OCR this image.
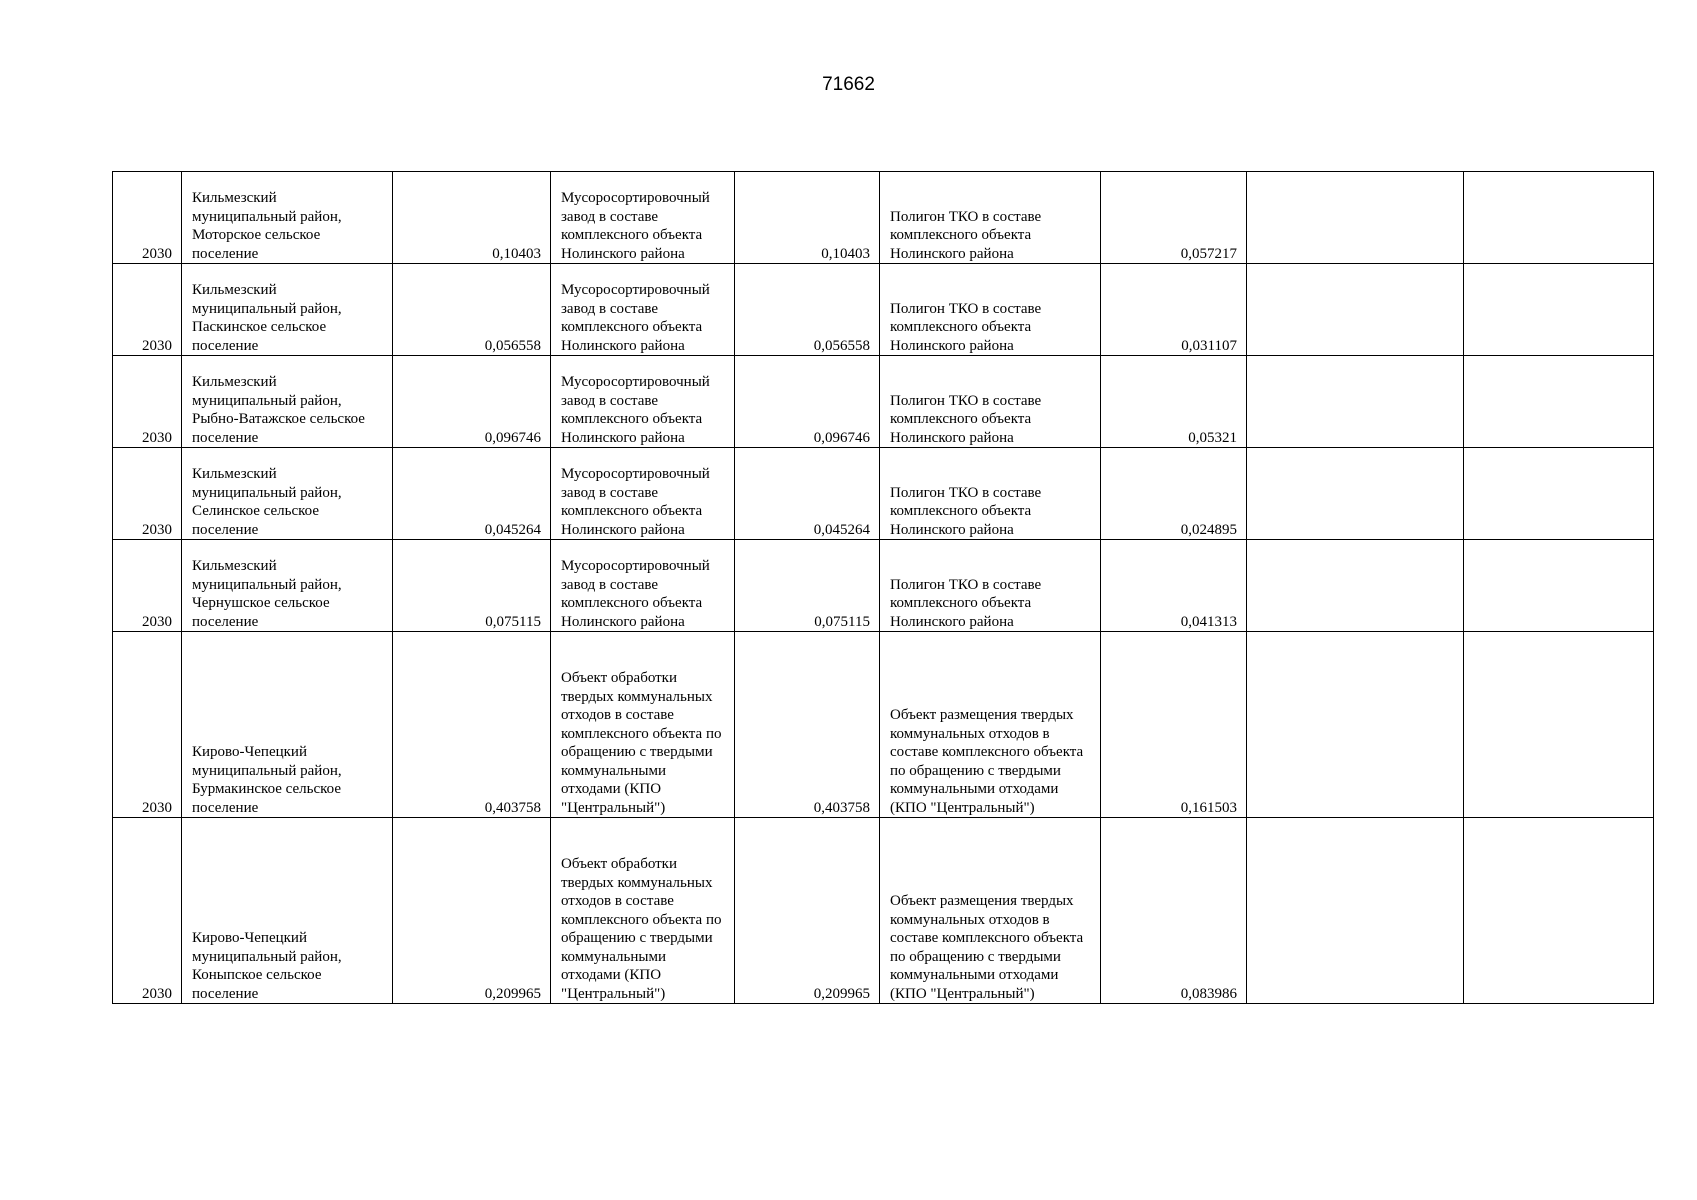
71662
2030	Кильмезский муниципальный район, Моторское сельское поселение	0,10403	Мусоросортировочный завод в составе комплексного объекта Нолинского района	0,10403	Полигон ТКО в составе комплексного объекта Нолинского района	0,057217		
2030	Кильмезский муниципальный район, Паскинское сельское поселение	0,056558	Мусоросортировочный завод в составе комплексного объекта Нолинского района	0,056558	Полигон ТКО в составе комплексного объекта Нолинского района	0,031107		
2030	Кильмезский муниципальный район, Рыбно-Ватажское сельское поселение	0,096746	Мусоросортировочный завод в составе комплексного объекта Нолинского района	0,096746	Полигон ТКО в составе комплексного объекта Нолинского района	0,05321		
2030	Кильмезский муниципальный район, Селинское сельское поселение	0,045264	Мусоросортировочный завод в составе комплексного объекта Нолинского района	0,045264	Полигон ТКО в составе комплексного объекта Нолинского района	0,024895		
2030	Кильмезский муниципальный район, Чернушское сельское поселение	0,075115	Мусоросортировочный завод в составе комплексного объекта Нолинского района	0,075115	Полигон ТКО в составе комплексного объекта Нолинского района	0,041313		
2030	Кирово-Чепецкий муниципальный район, Бурмакинское сельское поселение	0,403758	Объект обработки твердых коммунальных отходов в составе комплексного объекта по обращению с твердыми коммунальными отходами (КПО "Центральный")	0,403758	Объект размещения твердых коммунальных отходов в составе комплексного объекта по обращению с твердыми коммунальными отходами (КПО "Центральный")	0,161503		
2030	Кирово-Чепецкий муниципальный район, Коныпское сельское поселение	0,209965	Объект обработки твердых коммунальных отходов в составе комплексного объекта по обращению с твердыми коммунальными отходами (КПО "Центральный")	0,209965	Объект размещения твердых коммунальных отходов в составе комплексного объекта по обращению с твердыми коммунальными отходами (КПО "Центральный")	0,083986		
